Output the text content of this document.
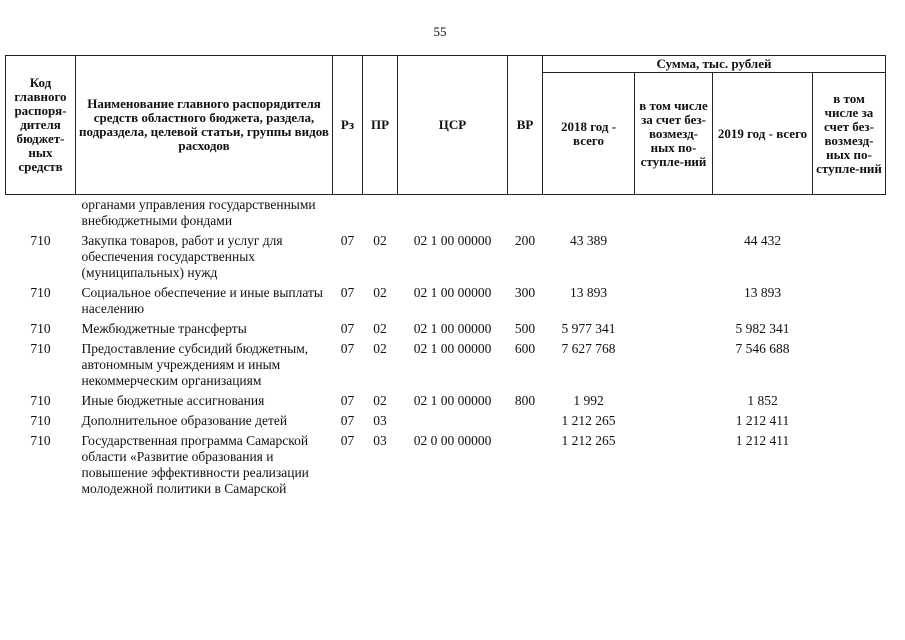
55
Код главного распоря-дителя бюджет-ных средств	Наименование главного распорядителя средств областного бюджета, раздела, подраздела, целевой статьи, группы видов расходов	Рз	ПР	ЦСР	ВР	Сумма, тыс. рублей			
						2018 год - всего	в том числе за счет без-возмезд-ных по-ступле-ний	2019 год - всего	в том числе за счет без-возмезд-ных по-ступле-ний
	органами управления государственными внебюджетными фондами								
710	Закупка товаров, работ и услуг для обеспечения государственных (муниципальных) нужд	07	02	02 1 00 00000	200	43 389		44 432	
710	Социальное обеспечение и иные выплаты населению	07	02	02 1 00 00000	300	13 893		13 893	
710	Межбюджетные трансферты	07	02	02 1 00 00000	500	5 977 341		5 982 341	
710	Предоставление субсидий бюджетным, автономным учреждениям и иным некоммерческим организациям	07	02	02 1 00 00000	600	7 627 768		7 546 688	
710	Иные бюджетные ассигнования	07	02	02 1 00 00000	800	1 992		1 852	
710	Дополнительное образование детей	07	03			1 212 265		1 212 411	
710	Государственная программа Самарской области «Развитие образования и повышение эффективности реализации молодежной политики в Самарской	07	03	02 0 00 00000		1 212 265		1 212 411	
